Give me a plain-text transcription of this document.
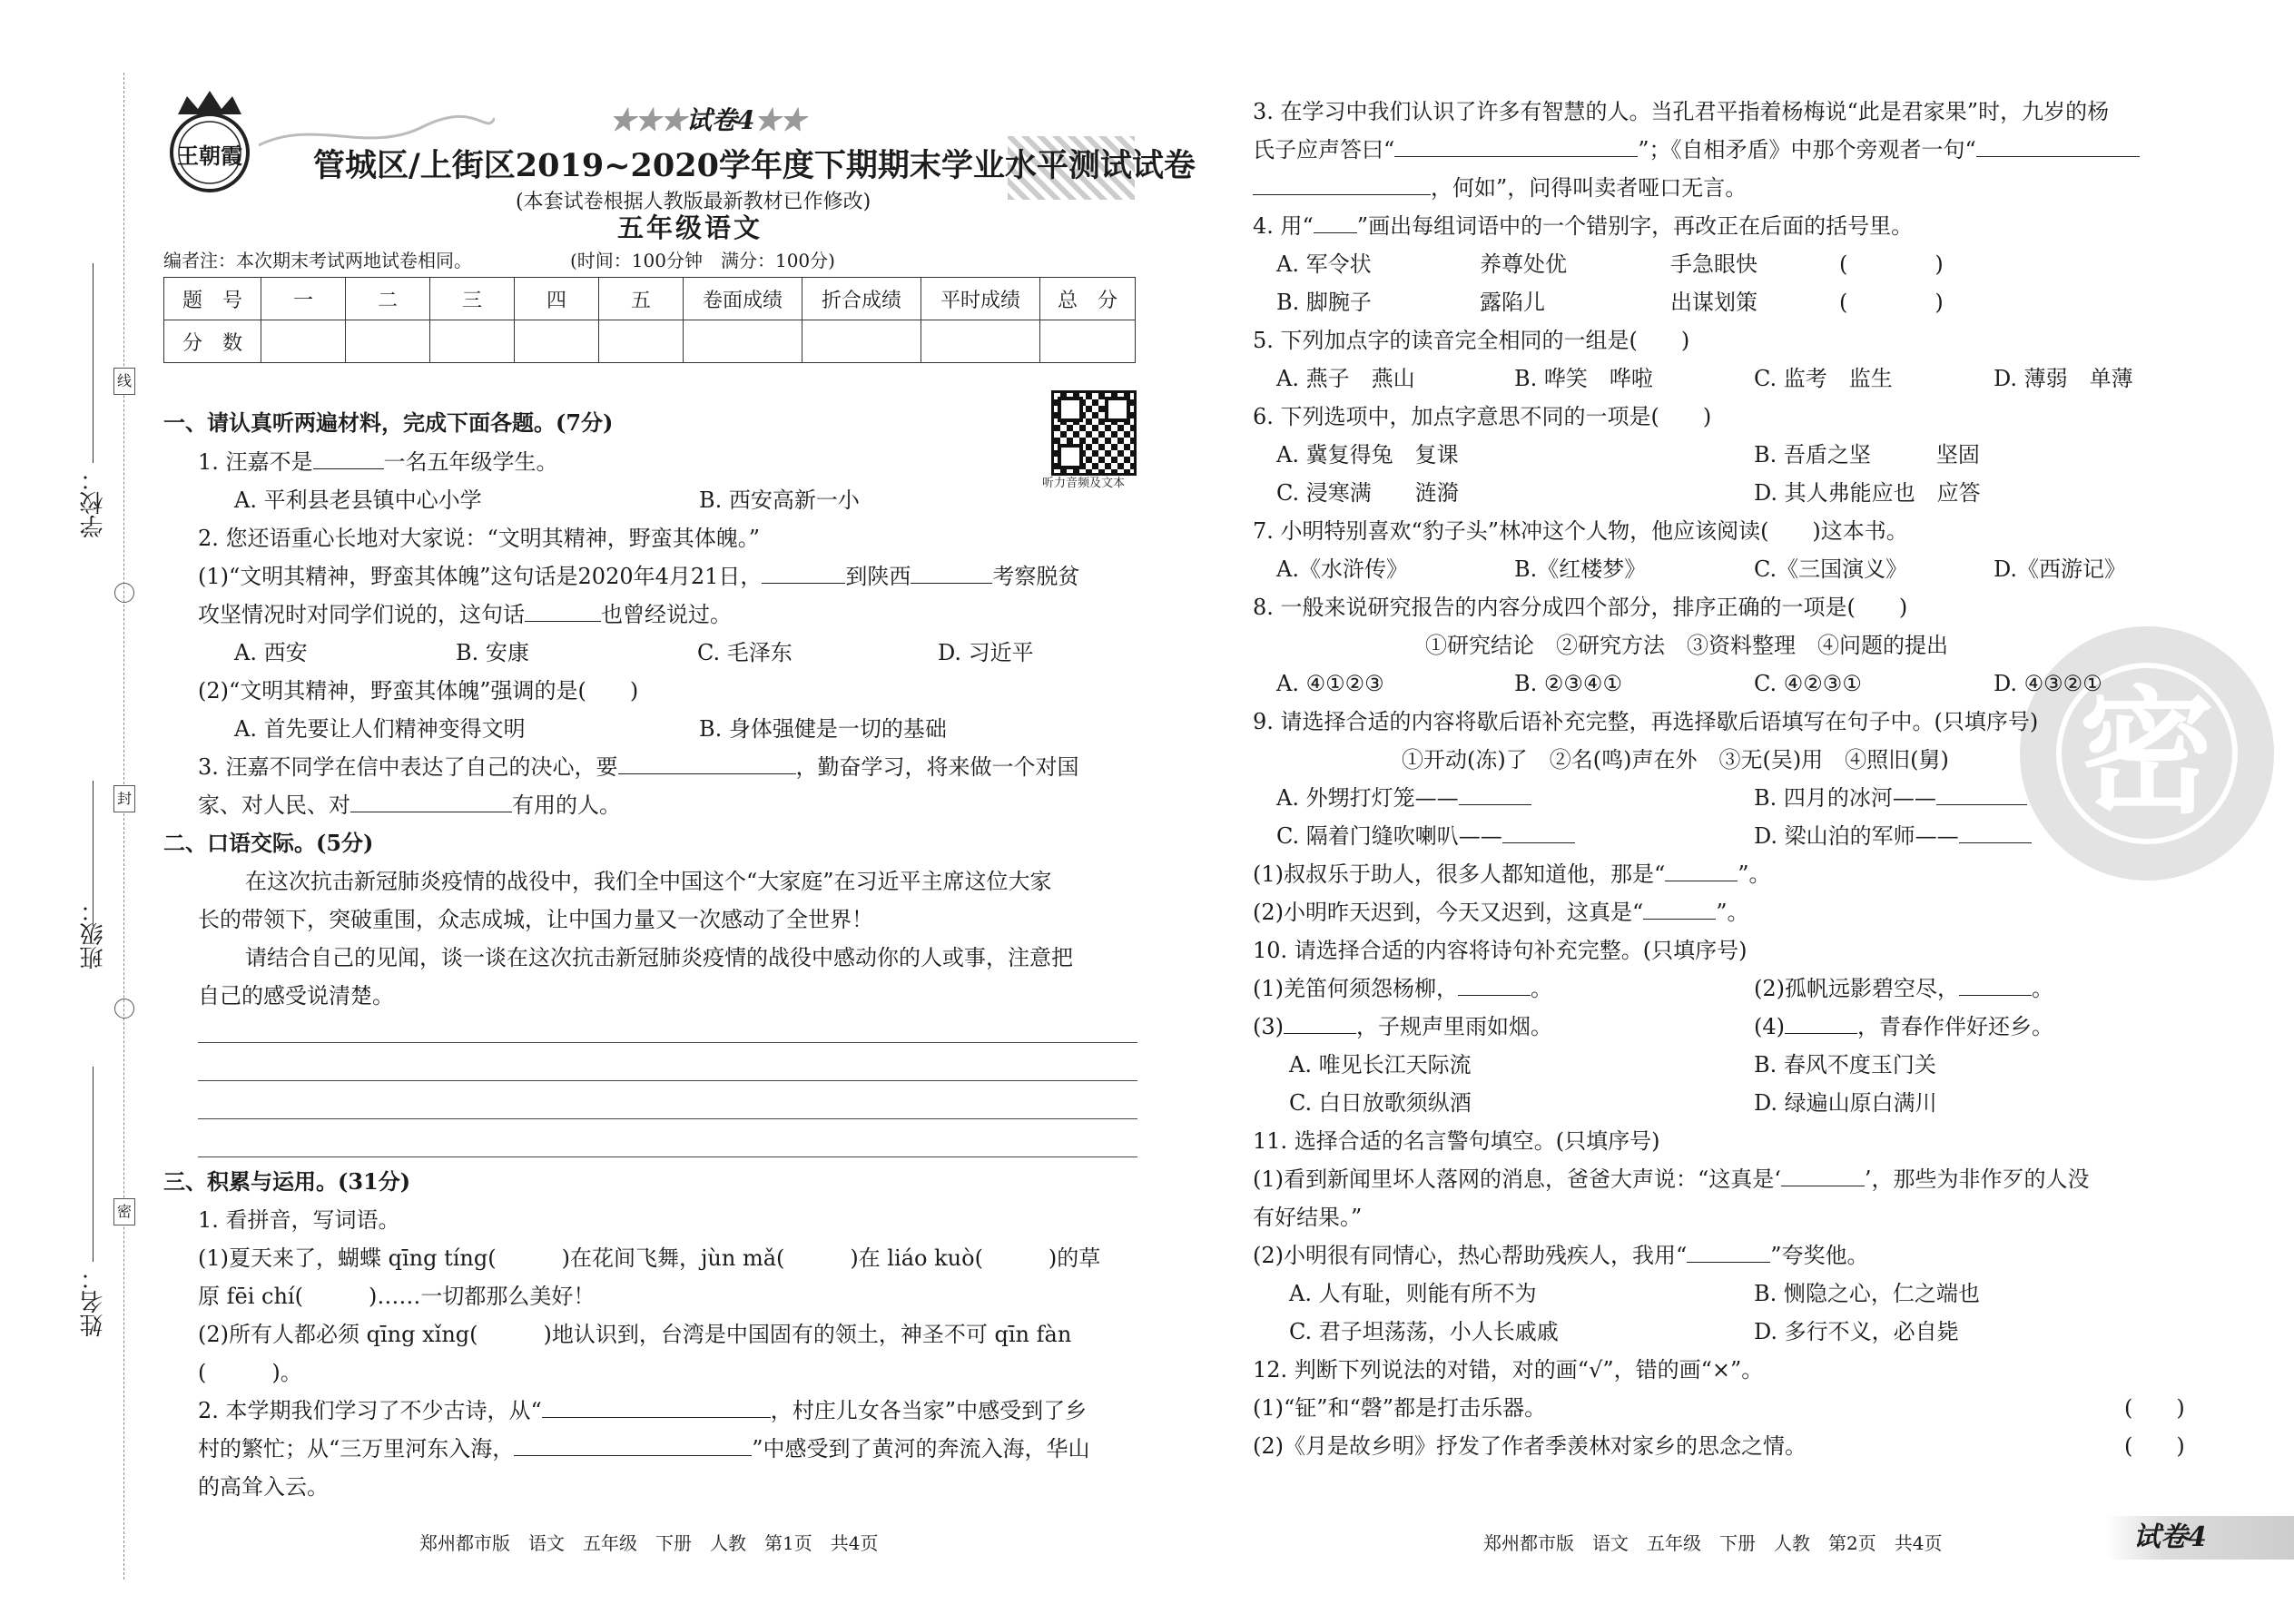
学校：
班级：
姓名：
线
封
密
王朝霞
★★★试卷4★★
管城区/上街区2019~2020学年度下期期末学业水平测试试卷
(本套试卷根据人教版最新教材已作修改)
五年级语文
编者注：本次期末考试两地试卷相同。	(时间：100分钟　满分：100分)
题　号	一	二	三	四	五	卷面成绩	折合成绩	平时成绩	总　分
分　数									
听力音频及文本
一、请认真听两遍材料，完成下面各题。(7分)
1. 汪嘉不是	一名五年级学生。
A. 平利县老县镇中心小学	B. 西安高新一小
2. 您还语重心长地对大家说：“文明其精神，野蛮其体魄。”
(1)“文明其精神，野蛮其体魄”这句话是2020年4月21日，	到陕西	考察脱贫
攻坚情况时对同学们说的，这句话	也曾经说过。
A. 西安	B. 安康	C. 毛泽东	D. 习近平
(2)“文明其精神，野蛮其体魄”强调的是(　　)
A. 首先要让人们精神变得文明	B. 身体强健是一切的基础
3. 汪嘉不同学在信中表达了自己的决心，要	，勤奋学习，将来做一个对国
家、对人民、对	有用的人。
二、口语交际。(5分)
在这次抗击新冠肺炎疫情的战役中，我们全中国这个“大家庭”在习近平主席这位大家
长的带领下，突破重围，众志成城，让中国力量又一次感动了全世界！
请结合自己的见闻，谈一谈在这次抗击新冠肺炎疫情的战役中感动你的人或事，注意把
自己的感受说清楚。
三、积累与运用。(31分)
1. 看拼音，写词语。
(1)夏天来了，蝴蝶 qīng tíng(　　　)在花间飞舞，jùn mǎ(　　　)在 liáo kuò(　　　)的草
原 fēi chí(　　　)……一切都那么美好！
(2)所有人都必须 qīng xǐng(　　　)地认识到，台湾是中国固有的领土，神圣不可 qīn fàn
(　　　)。
2. 本学期我们学习了不少古诗，从“	，村庄儿女各当家”中感受到了乡
村的繁忙；从“三万里河东入海，	”中感受到了黄河的奔流入海，华山
的高耸入云。
郑州都市版　语文　五年级　下册　人教　第1页　共4页
密
3. 在学习中我们认识了许多有智慧的人。当孔君平指着杨梅说“此是君家果”时，九岁的杨
氏子应声答曰“	”；《自相矛盾》中那个旁观者一句“
，何如”，问得叫卖者哑口无言。
4. 用“ ”画出每组词语中的一个错别字，再改正在后面的括号里。
A. 军令状	养尊处优	手急眼快	(　　　　)
B. 脚腕子	露陷儿	出谋划策	(　　　　)
5. 下列加点字的读音完全相同的一组是(　　)
A. 燕子　燕山	B. 哗笑　哗啦	C. 监考　监生	D. 薄弱　单薄
6. 下列选项中，加点字意思不同的一项是(　　)
A. 冀复得兔　复课	B. 吾盾之坚　　　坚固
C. 浸寒满　　涟漪	D. 其人弗能应也　应答
7. 小明特别喜欢“豹子头”林冲这个人物，他应该阅读(　　)这本书。
A.《水浒传》	B.《红楼梦》	C.《三国演义》	D.《西游记》
8. 一般来说研究报告的内容分成四个部分，排序正确的一项是(　　)
①研究结论　②研究方法　③资料整理　④问题的提出
A. ④①②③	B. ②③④①	C. ④②③①	D. ④③②①
9. 请选择合适的内容将歇后语补充完整，再选择歇后语填写在句子中。(只填序号)
①开动(冻)了　②名(鸣)声在外　③无(吴)用　④照旧(舅)
A. 外甥打灯笼——	B. 四月的冰河——
C. 隔着门缝吹喇叭——	D. 梁山泊的军师——
(1)叔叔乐于助人，很多人都知道他，那是“	”。
(2)小明昨天迟到，今天又迟到，这真是“	”。
10. 请选择合适的内容将诗句补充完整。(只填序号)
(1)羌笛何须怨杨柳，	。	(2)孤帆远影碧空尽，	。
(3)	，子规声里雨如烟。	(4)	，青春作伴好还乡。
A. 唯见长江天际流	B. 春风不度玉门关
C. 白日放歌须纵酒	D. 绿遍山原白满川
11. 选择合适的名言警句填空。(只填序号)
(1)看到新闻里坏人落网的消息，爸爸大声说：“这真是‘	’，那些为非作歹的人没
有好结果。”
(2)小明很有同情心，热心帮助残疾人，我用“	”夸奖他。
A. 人有耻，则能有所不为	B. 恻隐之心，仁之端也
C. 君子坦荡荡，小人长戚戚	D. 多行不义，必自毙
12. 判断下列说法的对错，对的画“√”，错的画“×”。
(1)“钲”和“磬”都是打击乐器。	(　　)
(2)《月是故乡明》抒发了作者季羡林对家乡的思念之情。	(　　)
郑州都市版　语文　五年级　下册　人教　第2页　共4页	试卷4
